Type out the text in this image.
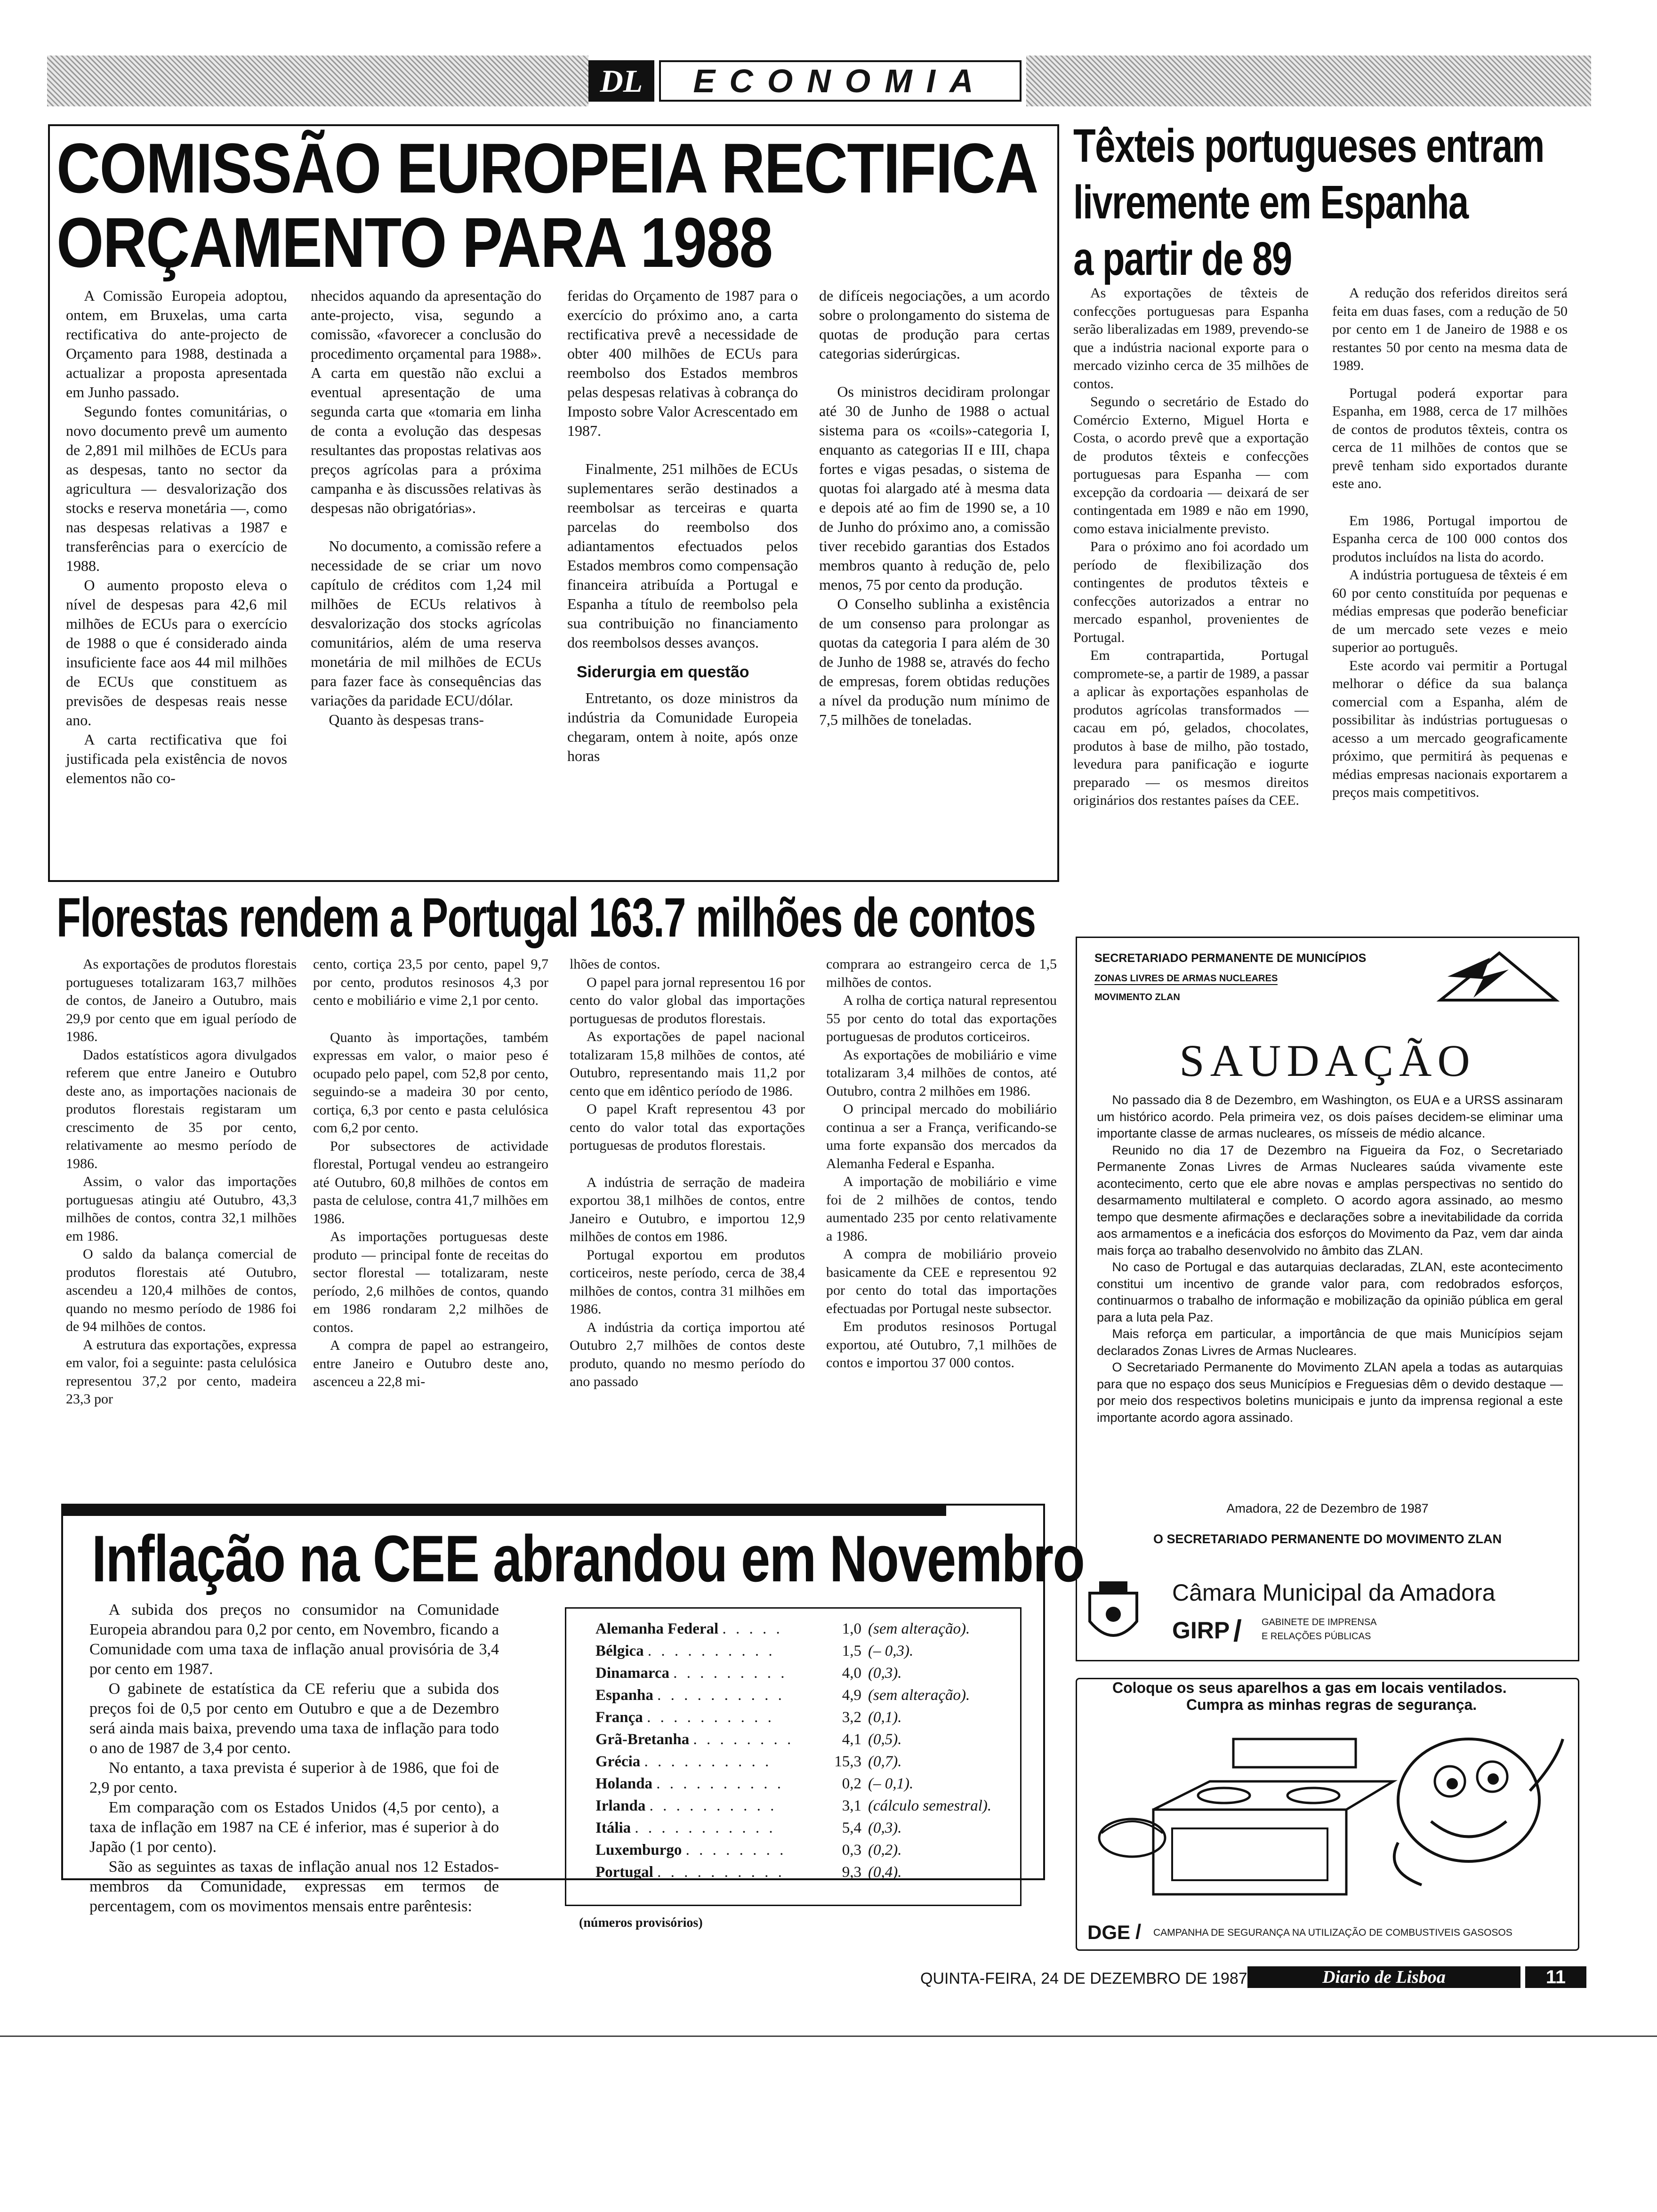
DL	ECONOMIA
COMISSÃO EUROPEIA RECTIFICA
ORÇAMENTO PARA 1988

A Comissão Europeia adoptou, ontem, em Bruxelas, uma carta rectificativa do ante-projecto de Orçamento para 1988, destinada a actualizar a proposta apresentada em Junho passado.

Segundo fontes comunitárias, o novo documento prevê um aumento de 2,891 mil milhões de ECUs para as despesas, tanto no sector da agricultura — desvalorização dos stocks e reserva monetária —, como nas despesas relativas a 1987 e transferências para o exercício de 1988.

O aumento proposto eleva o nível de despesas para 42,6 mil milhões de ECUs para o exercício de 1988 o que é considerado ainda insuficiente face aos 44 mil milhões de ECUs que constituem as previsões de despesas reais nesse ano.

A carta rectificativa que foi justificada pela existência de novos elementos não co-

nhecidos aquando da apresentação do ante-projecto, visa, segundo a comissão, «favorecer a conclusão do procedimento orçamental para 1988». A carta em questão não exclui a eventual apresentação de uma segunda carta que «tomaria em linha de conta a evolução das despesas resultantes das propostas relativas aos preços agrícolas para a próxima campanha e às discussões relativas às despesas não obrigatórias».

No documento, a comissão refere a necessidade de se criar um novo capítulo de créditos com 1,24 mil milhões de ECUs relativos à desvalorização dos stocks agrícolas comunitários, além de uma reserva monetária de mil milhões de ECUs para fazer face às consequências das variações da paridade ECU/dólar.

Quanto às despesas trans-

feridas do Orçamento de 1987 para o exercício do próximo ano, a carta rectificativa prevê a necessidade de obter 400 milhões de ECUs para reembolso dos Estados membros pelas despesas relativas à cobrança do Imposto sobre Valor Acrescentado em 1987.

Finalmente, 251 milhões de ECUs suplementares serão destinados a reembolsar as terceiras e quarta parcelas do reembolso dos adiantamentos efectuados pelos Estados membros como compensação financeira atribuída a Portugal e Espanha a título de reembolso pela sua contribuição no financiamento dos reembolsos desses avanços.

Siderurgia em questão

Entretanto, os doze ministros da indústria da Comunidade Europeia chegaram, ontem à noite, após onze horas

de difíceis negociações, a um acordo sobre o prolongamento do sistema de quotas de produção para certas categorias siderúrgicas.

Os ministros decidiram prolongar até 30 de Junho de 1988 o actual sistema para os «coils»-categoria I, enquanto as categorias II e III, chapa fortes e vigas pesadas, o sistema de quotas foi alargado até à mesma data e depois até ao fim de 1990 se, a 10 de Junho do próximo ano, a comissão tiver recebido garantias dos Estados membros quanto à redução de, pelo menos, 75 por cento da produção.

O Conselho sublinha a existência de um consenso para prolongar as quotas da categoria I para além de 30 de Junho de 1988 se, através do fecho de empresas, forem obtidas reduções a nível da produção num mínimo de 7,5 milhões de toneladas.

Têxteis portugueses entram
livremente em Espanha
a partir de 89

As exportações de têxteis de confecções portuguesas para Espanha serão liberalizadas em 1989, prevendo-se que a indústria nacional exporte para o mercado vizinho cerca de 35 milhões de contos.

Segundo o secretário de Estado do Comércio Externo, Miguel Horta e Costa, o acordo prevê que a exportação de produtos têxteis e confecções portuguesas para Espanha — com excepção da cordoaria — deixará de ser contingentada em 1989 e não em 1990, como estava inicialmente previsto.

Para o próximo ano foi acordado um período de flexibilização dos contingentes de produtos têxteis e confecções autorizados a entrar no mercado espanhol, provenientes de Portugal.

Em contrapartida, Portugal compromete-se, a partir de 1989, a passar a aplicar às exportações espanholas de produtos agrícolas transformados — cacau em pó, gelados, chocolates, produtos à base de milho, pão tostado, levedura para panificação e iogurte preparado — os mesmos direitos originários dos restantes países da CEE.

A redução dos referidos direitos será feita em duas fases, com a redução de 50 por cento em 1 de Janeiro de 1988 e os restantes 50 por cento na mesma data de 1989.

Portugal poderá exportar para Espanha, em 1988, cerca de 17 milhões de contos de produtos têxteis, contra os cerca de 11 milhões de contos que se prevê tenham sido exportados durante este ano.

Em 1986, Portugal importou de Espanha cerca de 100 000 contos dos produtos incluídos na lista do acordo.

A indústria portuguesa de têxteis é em 60 por cento constituída por pequenas e médias empresas que poderão beneficiar de um mercado sete vezes e meio superior ao português.

Este acordo vai permitir a Portugal melhorar o défice da sua balança comercial com a Espanha, além de possibilitar às indústrias portuguesas o acesso a um mercado geograficamente próximo, que permitirá às pequenas e médias empresas nacionais exportarem a preços mais competitivos.

Florestas rendem a Portugal 163.7 milhões de contos

As exportações de produtos florestais portugueses totalizaram 163,7 milhões de contos, de Janeiro a Outubro, mais 29,9 por cento que em igual período de 1986.

Dados estatísticos agora divulgados referem que entre Janeiro e Outubro deste ano, as importações nacionais de produtos florestais registaram um crescimento de 35 por cento, relativamente ao mesmo período de 1986.

Assim, o valor das importações portuguesas atingiu até Outubro, 43,3 milhões de contos, contra 32,1 milhões em 1986.

O saldo da balança comercial de produtos florestais até Outubro, ascendeu a 120,4 milhões de contos, quando no mesmo período de 1986 foi de 94 milhões de contos.

A estrutura das exportações, expressa em valor, foi a seguinte: pasta celulósica representou 37,2 por cento, madeira 23,3 por

cento, cortiça 23,5 por cento, papel 9,7 por cento, produtos resinosos 4,3 por cento e mobiliário e vime 2,1 por cento.

Quanto às importações, também expressas em valor, o maior peso é ocupado pelo papel, com 52,8 por cento, seguindo-se a madeira 30 por cento, cortiça, 6,3 por cento e pasta celulósica com 6,2 por cento.

Por subsectores de actividade florestal, Portugal vendeu ao estrangeiro até Outubro, 60,8 milhões de contos em pasta de celulose, contra 41,7 milhões em 1986.

As importações portuguesas deste produto — principal fonte de receitas do sector florestal — totalizaram, neste período, 2,6 milhões de contos, quando em 1986 rondaram 2,2 milhões de contos.

A compra de papel ao estrangeiro, entre Janeiro e Outubro deste ano, ascenceu a 22,8 mi-

lhões de contos.

O papel para jornal representou 16 por cento do valor global das importações portuguesas de produtos florestais.

As exportações de papel nacional totalizaram 15,8 milhões de contos, até Outubro, representando mais 11,2 por cento que em idêntico período de 1986.

O papel Kraft representou 43 por cento do valor total das exportações portuguesas de produtos florestais.

A indústria de serração de madeira exportou 38,1 milhões de contos, entre Janeiro e Outubro, e importou 12,9 milhões de contos em 1986.

Portugal exportou em produtos corticeiros, neste período, cerca de 38,4 milhões de contos, contra 31 milhões em 1986.

A indústria da cortiça importou até Outubro 2,7 milhões de contos deste produto, quando no mesmo período do ano passado

comprara ao estrangeiro cerca de 1,5 milhões de contos.

A rolha de cortiça natural representou 55 por cento do total das exportações portuguesas de produtos corticeiros.

As exportações de mobiliário e vime totalizaram 3,4 milhões de contos, até Outubro, contra 2 milhões em 1986.

O principal mercado do mobiliário continua a ser a França, verificando-se uma forte expansão dos mercados da Alemanha Federal e Espanha.

A importação de mobiliário e vime foi de 2 milhões de contos, tendo aumentado 235 por cento relativamente a 1986.

A compra de mobiliário proveio basicamente da CEE e representou 92 por cento do total das importações efectuadas por Portugal neste subsector.

Em produtos resinosos Portugal exportou, até Outubro, 7,1 milhões de contos e importou 37 000 contos.

Inflação na CEE abrandou em Novembro

A subida dos preços no consumidor na Comunidade Europeia abrandou para 0,2 por cento, em Novembro, ficando a Comunidade com uma taxa de inflação anual provisória de 3,4 por cento em 1987.

O gabinete de estatística da CE referiu que a subida dos preços foi de 0,5 por cento em Outubro e que a de Dezembro será ainda mais baixa, prevendo uma taxa de inflação para todo o ano de 1987 de 3,4 por cento.

No entanto, a taxa prevista é superior à de 1986, que foi de 2,9 por cento.

Em comparação com os Estados Unidos (4,5 por cento), a taxa de inflação em 1987 na CE é inferior, mas é superior à do Japão (1 por cento).

São as seguintes as taxas de inflação anual nos 12 Estados-membros da Comunidade, expressas em termos de percentagem, com os movimentos mensais entre parêntesis:

Alemanha Federal . . . . .	1,0 (sem alteração).
Bélgica . . . . . . . . . .	1,5 (– 0,3).
Dinamarca . . . . . . . . .	4,0 (0,3).
Espanha . . . . . . . . . .	4,9 (sem alteração).
França . . . . . . . . . .	3,2 (0,1).
Grã-Bretanha . . . . . . . .	4,1 (0,5).
Grécia . . . . . . . . . .	15,3 (0,7).
Holanda . . . . . . . . . .	0,2 (– 0,1).
Irlanda . . . . . . . . . .	3,1 (cálculo semestral).
Itália . . . . . . . . . . .	5,4 (0,3).
Luxemburgo . . . . . . . .	0,3 (0,2).
Portugal . . . . . . . . . .	9,3 (0,4).
(números provisórios)
SECRETARIADO PERMANENTE DE MUNICÍPIOS
ZONAS LIVRES DE ARMAS NUCLEARES
MOVIMENTO ZLAN
SAUDAÇÃO

No passado dia 8 de Dezembro, em Washington, os EUA e a URSS assinaram um histórico acordo. Pela primeira vez, os dois países decidem-se eliminar uma importante classe de armas nucleares, os mísseis de médio alcance.

Reunido no dia 17 de Dezembro na Figueira da Foz, o Secretariado Permanente Zonas Livres de Armas Nucleares saúda vivamente este acontecimento, certo que ele abre novas e amplas perspectivas no sentido do desarmamento multilateral e completo. O acordo agora assinado, ao mesmo tempo que desmente afirmações e declarações sobre a inevitabilidade da corrida aos armamentos e a ineficácia dos esforços do Movimento da Paz, vem dar ainda mais força ao trabalho desenvolvido no âmbito das ZLAN.

No caso de Portugal e das autarquias declaradas, ZLAN, este acontecimento constitui um incentivo de grande valor para, com redobrados esforços, continuarmos o trabalho de informação e mobilização da opinião pública em geral para a luta pela Paz.

Mais reforça em particular, a importância de que mais Municípios sejam declarados Zonas Livres de Armas Nucleares.

O Secretariado Permanente do Movimento ZLAN apela a todas as autarquias para que no espaço dos seus Municípios e Freguesias dêm o devido destaque — por meio dos respectivos boletins municipais e junto da imprensa regional a este importante acordo agora assinado.

Amadora, 22 de Dezembro de 1987
O SECRETARIADO PERMANENTE DO MOVIMENTO ZLAN
Câmara Municipal da Amadora
GIRP / GABINETE DE IMPRENSA
E RELAÇÕES PÚBLICAS
Coloque os seus aparelhos a gas em locais ventilados.
Cumpra as minhas regras de segurança.
DGE / CAMPANHA DE SEGURANÇA NA UTILIZAÇÃO DE COMBUSTIVEIS GASOSOS
QUINTA-FEIRA, 24 DE DEZEMBRO DE 1987	Diario de Lisboa	11
